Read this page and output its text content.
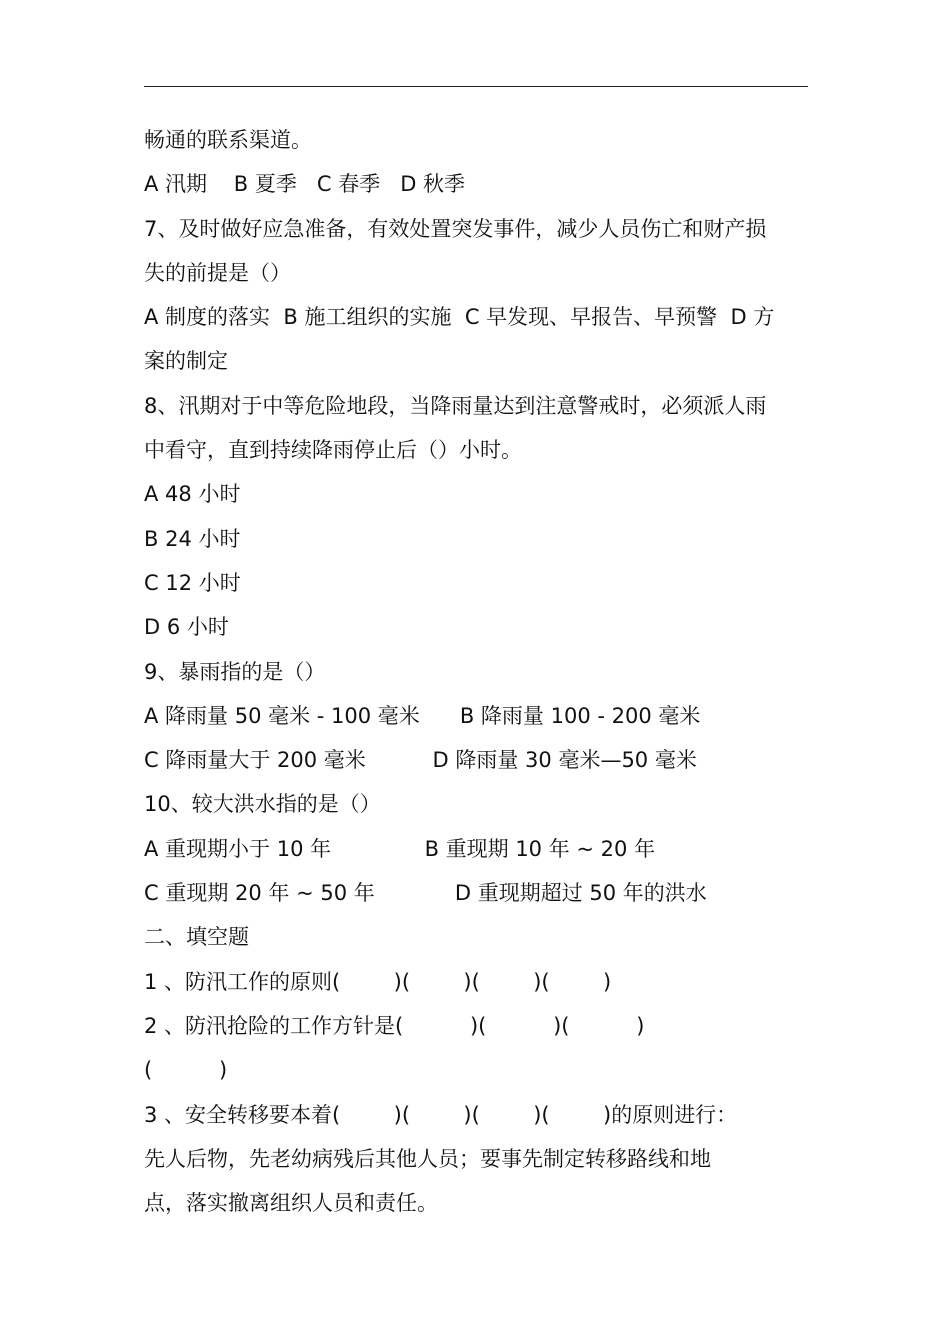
畅通的联系渠道。
A 汛期    B 夏季   C 春季   D 秋季
7、及时做好应急准备，有效处置突发事件，减少人员伤亡和财产损
失的前提是（）
A 制度的落实  B 施工组织的实施  C 早发现、早报告、早预警  D 方
案的制定
8、汛期对于中等危险地段，当降雨量达到注意警戒时，必须派人雨
中看守，直到持续降雨停止后（）小时。
A 48 小时
B 24 小时
C 12 小时
D 6 小时
9、暴雨指的是（）
A 降雨量 50 毫米 - 100 毫米      B 降雨量 100 - 200 毫米
C 降雨量大于 200 毫米          D 降雨量 30 毫米—50 毫米
10、较大洪水指的是（）
A 重现期小于 10 年              B 重现期 10 年 ~ 20 年
C 重现期 20 年 ~ 50 年            D 重现期超过 50 年的洪水
二、填空题
1 、防汛工作的原则(        )(        )(        )(        )
2 、防汛抢险的工作方针是(          )(          )(          )
(          )
3 、安全转移要本着(        )(        )(        )(        )的原则进行：
先人后物，先老幼病残后其他人员；要事先制定转移路线和地
点，落实撤离组织人员和责任。
